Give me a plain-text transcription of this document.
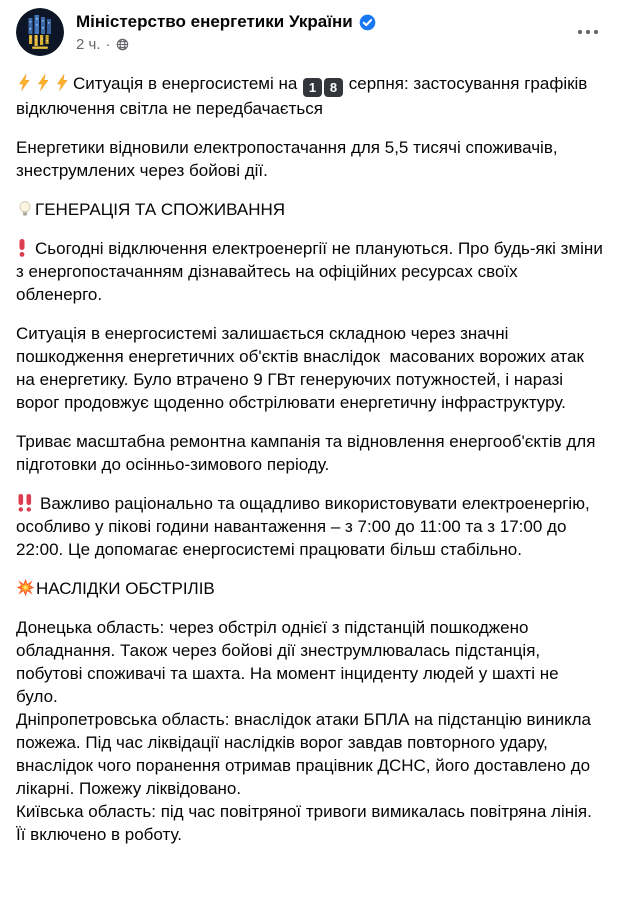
Міністерство енергетики України
2 ч. ·

Ситуація в енергосистемі на 1 8 серпня: застосування графіків відключення світла не передбачається

Енергетики відновили електропостачання для 5,5 тисячі споживачів, знеструмлених через бойові дії.

ГЕНЕРАЦІЯ ТА СПОЖИВАННЯ

Сьогодні відключення електроенергії не плануються. Про будь-які зміни з енергопостачанням дізнавайтесь на офіційних ресурсах своїх обленерго.

Ситуація в енергосистемі залишається складною через значні пошкодження енергетичних об'єктів внаслідок  масованих ворожих атак на енергетику. Було втрачено 9 ГВт генеруючих потужностей, і наразі ворог продовжує щоденно обстрілювати енергетичну інфраструктуру.

Триває масштабна ремонтна кампанія та відновлення енергооб'єктів для підготовки до осінньо-зимового періоду.

Важливо раціонально та ощадливо використовувати електроенергію, особливо у пікові години навантаження – з 7:00 до 11:00 та з 17:00 до 22:00. Це допомагає енергосистемі працювати більш стабільно.

НАСЛІДКИ ОБСТРІЛІВ

Донецька область: через обстріл однієї з підстанцій пошкоджено обладнання. Також через бойові дії знеструмлювалась підстанція, побутові споживачі та шахта. На момент інциденту людей у шахті не було.
Дніпропетровська область: внаслідок атаки БПЛА на підстанцію виникла пожежа. Під час ліквідації наслідків ворог завдав повторного удару, внаслідок чого поранення отримав працівник ДСНС, його доставлено до лікарні. Пожежу ліквідовано.
Київська область: під час повітряної тривоги вимикалась повітряна лінія. Її включено в роботу.
